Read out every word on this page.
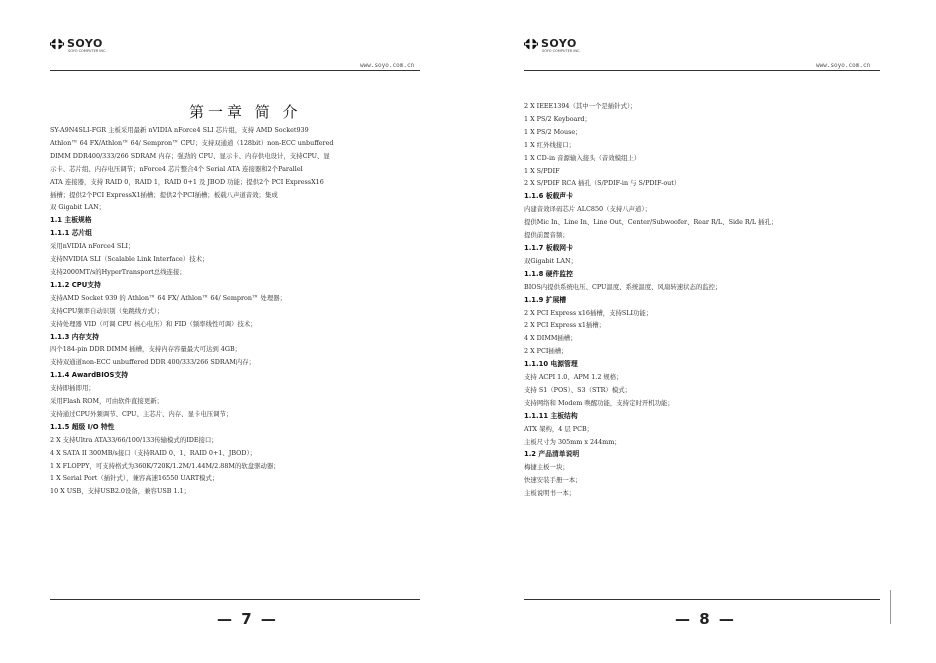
SOYO
SOYO COMPUTER INC.
www.soyo.com.cn
第一章 简 介
SY-A9N4SLI-FGR 主板采用最新 nVIDIA nForce4 SLI 芯片组，支持 AMD Socket939
Athlon™ 64 FX/Athlon™ 64/ Sempron™ CPU；支持双通道（128bit）non-ECC unbuffered
DIMM DDR400/333/266 SDRAM 内存；强劲的 CPU、显示卡、内存供电设计，支持CPU、显
示卡、芯片组、内存电压调节；nForce4 芯片整合4个 Serial ATA 连接器和2个Parallel
ATA 连接器，支持 RAID 0，RAID 1，RAID 0+1 及 JBOD 功能；提供2个 PCI ExpressX16
插槽；提供2个PCI ExpressX1插槽；提供2个PCI插槽；板载八声道音效；集成
双 Gigabit LAN；
1.1 主板规格
1.1.1 芯片组
采用nVIDIA nForce4 SLI；
支持NVIDIA SLI（Scalable Link Interface）技术；
支持2000MT/s的HyperTransport总线连接；
1.1.2 CPU支持
支持AMD Socket 939 的 Athlon™ 64 FX/ Athlon™ 64/ Sempron™ 处理器；
支持CPU频率自动识别（免跳线方式）；
支持处理器 VID（可调 CPU 核心电压）和 FID（频率线性可调）技术；
1.1.3 内存支持
四个184-pin DDR DIMM 插槽，支持内存容量最大可达到 4GB；
支持双通道non-ECC unbuffered DDR 400/333/266 SDRAM内存；
1.1.4 AwardBIOS支持
支持即插即用；
采用Flash ROM，可由软件直接更新；
支持通过CPU外频调节、CPU、主芯片、内存、显卡电压调节；
1.1.5 超级 I/O 特性
2 X 支持Ultra ATA33/66/100/133传输模式的IDE接口；
4 X SATA II 300MB/s接口（支持RAID 0、1、RAID 0+1、JBOD）；
1 X FLOPPY，可支持格式为360K/720K/1.2M/1.44M/2.88M的软盘驱动器；
1 X Serial Port（插针式），兼容高速16550 UART模式；
10 X USB，支持USB2.0设备，兼容USB 1.1；
— 7 —
SOYO
SOYO COMPUTER INC.
www.soyo.com.cn
2 X IEEE1394（其中一个是插针式）；
1 X PS/2 Keyboard；
1 X PS/2 Mouse；
1 X 红外线接口；
1 X CD-in 音源输入接头（音效模组上）
1 X S/PDIF
2 X S/PDIF RCA 插孔（S/PDIF-in 与 S/PDIF-out）
1.1.6 板载声卡
内建音效译码芯片 ALC850（支持八声道）；
提供Mic In、Line In、Line Out、Center/Subwoofer、Rear R/L、Side R/L 插孔；
提供前置音频；
1.1.7 板载网卡
双Gigabit LAN；
1.1.8 硬件监控
BIOS内提供系统电压、CPU温度、系统温度、风扇转速状态的监控；
1.1.9 扩展槽
2 X PCI Express x16插槽，支持SLI功能；
2 X PCI Express x1插槽；
4 X DIMM插槽；
2 X PCI插槽；
1.1.10 电源管理
支持 ACPI 1.0、APM 1.2 规格；
支持 S1（POS）、S3（STR）模式；
支持网络和 Modem 唤醒功能，支持定时开机功能；
1.1.11 主板结构
ATX 架构，4 层 PCB；
主板尺寸为 305mm x 244mm；
1.2 产品清单说明
梅捷主板一块；
快速安装手册一本；
主板说明书一本；
— 8 —
